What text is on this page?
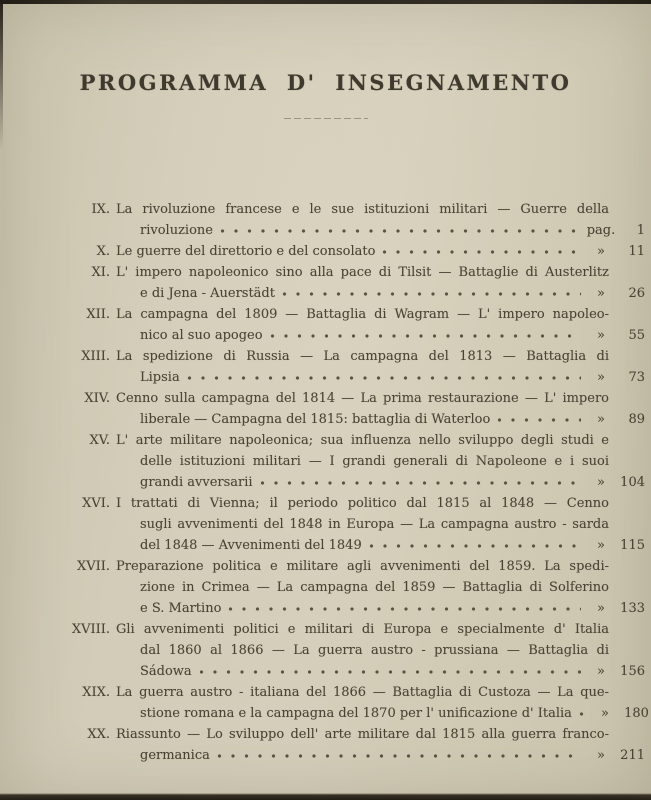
PROGRAMMA D' INSEGNAMENTO
IX. La rivoluzione francese e le sue istituzioni militari — Guerre della
rivoluzione	pag.	1
X. Le guerre del direttorio e del consolato	»	11
XI. L' impero napoleonico sino alla pace di Tilsit — Battaglie di Austerlitz
e di Jena - Auerstädt	»	26
XII. La campagna del 1809 — Battaglia di Wagram — L' impero napoleo-
nico al suo apogeo	»	55
XIII. La spedizione di Russia — La campagna del 1813 — Battaglia di
Lipsia	»	73
XIV. Cenno sulla campagna del 1814 — La prima restaurazione — L' impero
liberale — Campagna del 1815: battaglia di Waterloo	»	89
XV. L' arte militare napoleonica; sua influenza nello sviluppo degli studi e
delle istituzioni militari — I grandi generali di Napoleone e i suoi
grandi avversarii	»	104
XVI. I trattati di Vienna; il periodo politico dal 1815 al 1848 — Cenno
sugli avvenimenti del 1848 in Europa — La campagna austro - sarda
del 1848 — Avvenimenti del 1849	»	115
XVII. Preparazione politica e militare agli avvenimenti del 1859. La spedi-
zione in Crimea — La campagna del 1859 — Battaglia di Solferino
e S. Martino	»	133
XVIII. Gli avvenimenti politici e militari di Europa e specialmente d' Italia
dal 1860 al 1866 — La guerra austro - prussiana — Battaglia di
Sádowa	»	156
XIX. La guerra austro - italiana del 1866 — Battaglia di Custoza — La que-
stione romana e la campagna del 1870 per l' unificazione d' Italia	»	180
XX. Riassunto — Lo sviluppo dell' arte militare dal 1815 alla guerra franco-
germanica	»	211
